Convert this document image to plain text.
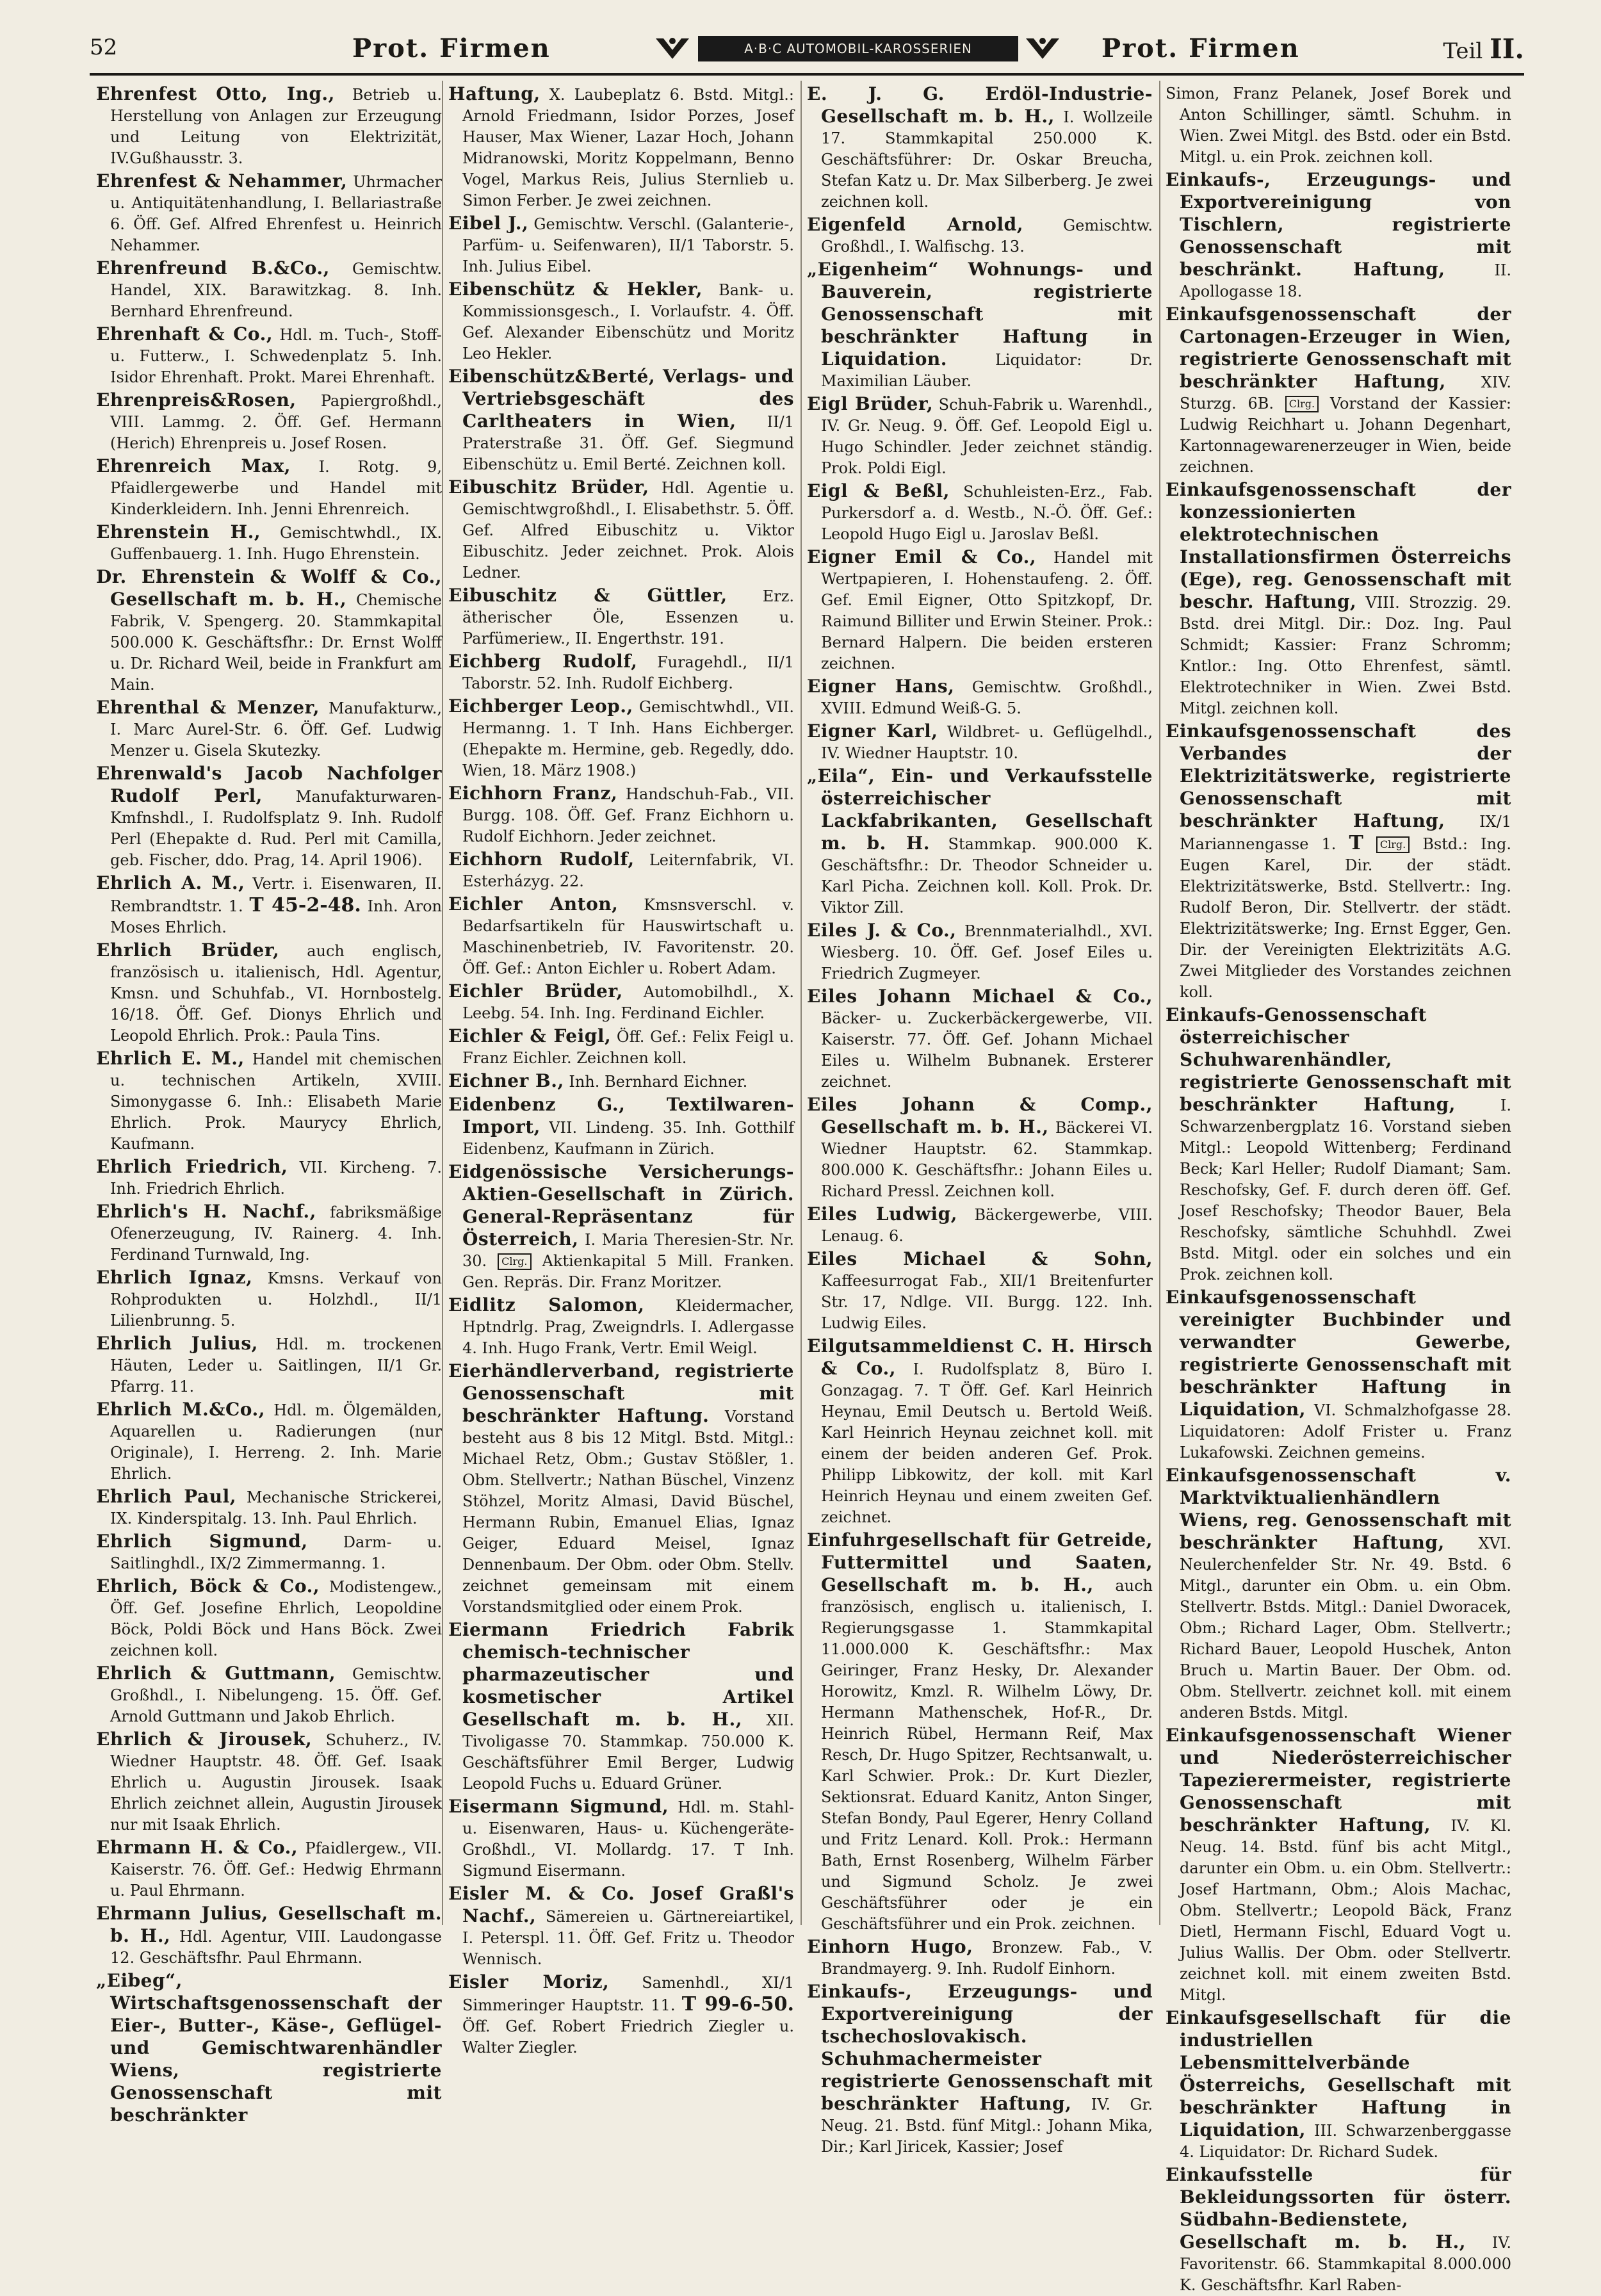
52	Prot. Firmen	A·B·C AUTOMOBIL-KAROSSERIEN	Prot. Firmen	Teil II.

Ehrenfest Otto, Ing., Betrieb u. Herstellung von Anlagen zur Erzeugung und Leitung von Elektrizität, IV.Gußhausstr. 3.

Ehrenfest & Nehammer, Uhrmacher u. Antiquitätenhandlung, I. Bellariastraße 6. Öff. Gef. Alfred Ehrenfest u. Heinrich Nehammer.

Ehrenfreund B.&Co., Gemischtw. Handel, XIX. Barawitzkag. 8. Inh. Bernhard Ehrenfreund.

Ehrenhaft & Co., Hdl. m. Tuch-, Stoff- u. Futterw., I. Schwedenplatz 5. Inh. Isidor Ehrenhaft. Prokt. Marei Ehrenhaft.

Ehrenpreis&Rosen, Papiergroßhdl., VIII. Lammg. 2. Öff. Gef. Hermann (Herich) Ehrenpreis u. Josef Rosen.

Ehrenreich Max, I. Rotg. 9, Pfaidlergewerbe und Handel mit Kinderkleidern. Inh. Jenni Ehrenreich.

Ehrenstein H., Gemischtwhdl., IX. Guffenbauerg. 1. Inh. Hugo Ehrenstein.

Dr. Ehrenstein & Wolff & Co., Gesellschaft m. b. H., Chemische Fabrik, V. Spengerg. 20. Stammkapital 500.000 K. Geschäftsfhr.: Dr. Ernst Wolff u. Dr. Richard Weil, beide in Frankfurt am Main.

Ehrenthal & Menzer, Manufakturw., I. Marc Aurel-Str. 6. Öff. Gef. Ludwig Menzer u. Gisela Skutezky.

Ehrenwald's Jacob Nachfolger Rudolf Perl, Manufakturwaren-Kmfnshdl., I. Rudolfsplatz 9. Inh. Rudolf Perl (Ehepakte d. Rud. Perl mit Camilla, geb. Fischer, ddo. Prag, 14. April 1906).

Ehrlich A. M., Vertr. i. Eisenwaren, II. Rembrandtstr. 1. T 45-2-48. Inh. Aron Moses Ehrlich.

Ehrlich Brüder, auch englisch, französisch u. italienisch, Hdl. Agentur, Kmsn. und Schuhfab., VI. Hornbostelg. 16/18. Öff. Gef. Dionys Ehrlich und Leopold Ehrlich. Prok.: Paula Tins.

Ehrlich E. M., Handel mit chemischen u. technischen Artikeln, XVIII. Simonygasse 6. Inh.: Elisabeth Marie Ehrlich. Prok. Maurycy Ehrlich, Kaufmann.

Ehrlich Friedrich, VII. Kircheng. 7. Inh. Friedrich Ehrlich.

Ehrlich's H. Nachf., fabriksmäßige Ofenerzeugung, IV. Rainerg. 4. Inh. Ferdinand Turnwald, Ing.

Ehrlich Ignaz, Kmsns. Verkauf von Rohprodukten u. Holzhdl., II/1 Lilienbrunng. 5.

Ehrlich Julius, Hdl. m. trockenen Häuten, Leder u. Saitlingen, II/1 Gr. Pfarrg. 11.

Ehrlich M.&Co., Hdl. m. Ölgemälden, Aquarellen u. Radierungen (nur Originale), I. Herreng. 2. Inh. Marie Ehrlich.

Ehrlich Paul, Mechanische Strickerei, IX. Kinderspitalg. 13. Inh. Paul Ehrlich.

Ehrlich Sigmund, Darm- u. Saitlinghdl., IX/2 Zimmermanng. 1.

Ehrlich, Böck & Co., Modistengew., Öff. Gef. Josefine Ehrlich, Leopoldine Böck, Poldi Böck und Hans Böck. Zwei zeichnen koll.

Ehrlich & Guttmann, Gemischtw. Großhdl., I. Nibelungeng. 15. Öff. Gef. Arnold Guttmann und Jakob Ehrlich.

Ehrlich & Jirousek, Schuherz., IV. Wiedner Hauptstr. 48. Öff. Gef. Isaak Ehrlich u. Augustin Jirousek. Isaak Ehrlich zeichnet allein, Augustin Jirousek nur mit Isaak Ehrlich.

Ehrmann H. & Co., Pfaidlergew., VII. Kaiserstr. 76. Öff. Gef.: Hedwig Ehrmann u. Paul Ehrmann.

Ehrmann Julius, Gesellschaft m. b. H., Hdl. Agentur, VIII. Laudongasse 12. Geschäftsfhr. Paul Ehrmann.

„Eibeg“, Wirtschaftsgenossenschaft der Eier-, Butter-, Käse-, Geflügel- und Gemischtwarenhändler Wiens, registrierte Genossenschaft mit beschränkter

Haftung, X. Laubeplatz 6. Bstd. Mitgl.: Arnold Friedmann, Isidor Porzes, Josef Hauser, Max Wiener, Lazar Hoch, Johann Midranowski, Moritz Koppelmann, Benno Vogel, Markus Reis, Julius Sternlieb u. Simon Ferber. Je zwei zeichnen.

Eibel J., Gemischtw. Verschl. (Galanterie-, Parfüm- u. Seifenwaren), II/1 Taborstr. 5. Inh. Julius Eibel.

Eibenschütz & Hekler, Bank- u. Kommissionsgesch., I. Vorlaufstr. 4. Öff. Gef. Alexander Eibenschütz und Moritz Leo Hekler.

Eibenschütz&Berté, Verlags- und Vertriebsgeschäft des Carltheaters in Wien, II/1 Praterstraße 31. Öff. Gef. Siegmund Eibenschütz u. Emil Berté. Zeichnen koll.

Eibuschitz Brüder, Hdl. Agentie u. Gemischtwgroßhdl., I. Elisabethstr. 5. Öff. Gef. Alfred Eibuschitz u. Viktor Eibuschitz. Jeder zeichnet. Prok. Alois Ledner.

Eibuschitz & Güttler, Erz. ätherischer Öle, Essenzen u. Parfümeriew., II. Engerthstr. 191.

Eichberg Rudolf, Furagehdl., II/1 Taborstr. 52. Inh. Rudolf Eichberg.

Eichberger Leop., Gemischtwhdl., VII. Hermanng. 1. T Inh. Hans Eichberger. (Ehepakte m. Hermine, geb. Regedly, ddo. Wien, 18. März 1908.)

Eichhorn Franz, Handschuh-Fab., VII. Burgg. 108. Öff. Gef. Franz Eichhorn u. Rudolf Eichhorn. Jeder zeichnet.

Eichhorn Rudolf, Leiternfabrik, VI. Esterházyg. 22.

Eichler Anton, Kmsnsverschl. v. Bedarfsartikeln für Hauswirtschaft u. Maschinenbetrieb, IV. Favoritenstr. 20. Öff. Gef.: Anton Eichler u. Robert Adam.

Eichler Brüder, Automobilhdl., X. Leebg. 54. Inh. Ing. Ferdinand Eichler.

Eichler & Feigl, Öff. Gef.: Felix Feigl u. Franz Eichler. Zeichnen koll.

Eichner B., Inh. Bernhard Eichner.

Eidenbenz G., Textilwaren-Import, VII. Lindeng. 35. Inh. Gotthilf Eidenbenz, Kaufmann in Zürich.

Eidgenössische Versicherungs-Aktien-Gesellschaft in Zürich. General-Repräsentanz für Österreich, I. Maria Theresien-Str. Nr. 30. Clrg. Aktienkapital 5 Mill. Franken. Gen. Repräs. Dir. Franz Moritzer.

Eidlitz Salomon, Kleidermacher, Hptndrlg. Prag, Zweigndrls. I. Adlergasse 4. Inh. Hugo Frank, Vertr. Emil Weigl.

Eierhändlerverband, registrierte Genossenschaft mit beschränkter Haftung. Vorstand besteht aus 8 bis 12 Mitgl. Bstd. Mitgl.: Michael Retz, Obm.; Gustav Stößler, 1. Obm. Stellvertr.; Nathan Büschel, Vinzenz Stöhzel, Moritz Almasi, David Büschel, Hermann Rubin, Emanuel Elias, Ignaz Geiger, Eduard Meisel, Ignaz Dennenbaum. Der Obm. oder Obm. Stellv. zeichnet gemeinsam mit einem Vorstandsmitglied oder einem Prok.

Eiermann Friedrich Fabrik chemisch-technischer pharmazeutischer und kosmetischer Artikel Gesellschaft m. b. H., XII. Tivoligasse 70. Stammkap. 750.000 K. Geschäftsführer Emil Berger, Ludwig Leopold Fuchs u. Eduard Grüner.

Eisermann Sigmund, Hdl. m. Stahl- u. Eisenwaren, Haus- u. Küchengeräte-Großhdl., VI. Mollardg. 17. T Inh. Sigmund Eisermann.

Eisler M. & Co. Josef Graßl's Nachf., Sämereien u. Gärtnereiartikel, I. Peterspl. 11. Öff. Gef. Fritz u. Theodor Wennisch.

Eisler Moriz, Samenhdl., XI/1 Simmeringer Hauptstr. 11. T 99-6-50. Öff. Gef. Robert Friedrich Ziegler u. Walter Ziegler.

E. J. G. Erdöl-Industrie-Gesellschaft m. b. H., I. Wollzeile 17. Stammkapital 250.000 K. Geschäftsführer: Dr. Oskar Breucha, Stefan Katz u. Dr. Max Silberberg. Je zwei zeichnen koll.

Eigenfeld Arnold,	Gemischtw. Großhdl., I. Walfischg. 13.

„Eigenheim“ Wohnungs- und Bauverein, registrierte Genossenschaft mit beschränkter Haftung in Liquidation.	Liquidator: Dr. Maximilian Läuber.

Eigl Brüder, Schuh-Fabrik u. Warenhdl., IV. Gr. Neug. 9. Öff. Gef. Leopold Eigl u. Hugo Schindler. Jeder zeichnet ständig. Prok. Poldi Eigl.

Eigl & Beßl, Schuhleisten-Erz., Fab. Purkersdorf a. d. Westb., N.-Ö. Öff. Gef.: Leopold Hugo Eigl u. Jaroslav Beßl.

Eigner Emil & Co., Handel mit Wertpapieren, I. Hohenstaufeng. 2. Öff. Gef. Emil Eigner, Otto Spitzkopf, Dr. Raimund Billiter und Erwin Steiner. Prok.: Bernard Halpern. Die beiden ersteren zeichnen.

Eigner Hans, Gemischtw. Großhdl., XVIII. Edmund Weiß-G. 5.

Eigner Karl, Wildbret- u. Geflügelhdl., IV. Wiedner Hauptstr. 10.

„Eila“, Ein- und Verkaufsstelle österreichischer Lackfabrikanten, Gesellschaft m. b. H. Stammkap. 900.000 K. Geschäftsfhr.: Dr. Theodor Schneider u. Karl Picha. Zeichnen koll. Koll. Prok. Dr. Viktor Zill.

Eiles J. & Co., Brennmaterialhdl., XVI. Wiesberg. 10. Öff. Gef. Josef Eiles u. Friedrich Zugmeyer.

Eiles Johann Michael & Co., Bäcker- u. Zuckerbäckergewerbe, VII. Kaiserstr. 77. Öff. Gef. Johann Michael Eiles u. Wilhelm Bubnanek. Ersterer zeichnet.

Eiles Johann & Comp., Gesellschaft m. b. H., Bäckerei VI. Wiedner Hauptstr. 62. Stammkap. 800.000 K. Geschäftsfhr.: Johann Eiles u. Richard Pressl. Zeichnen koll.

Eiles Ludwig, Bäckergewerbe, VIII. Lenaug. 6.

Eiles Michael & Sohn, Kaffeesurrogat Fab., XII/1 Breitenfurter Str. 17, Ndlge. VII. Burgg. 122. Inh. Ludwig Eiles.

Eilgutsammeldienst C. H. Hirsch & Co., I. Rudolfsplatz 8, Büro I. Gonzagag. 7. T Öff. Gef. Karl Heinrich Heynau, Emil Deutsch u. Bertold Weiß. Karl Heinrich Heynau zeichnet koll. mit einem der beiden anderen Gef. Prok. Philipp Libkowitz, der koll. mit Karl Heinrich Heynau und einem zweiten Gef. zeichnet.

Einfuhrgesellschaft für Getreide, Futtermittel und Saaten, Gesellschaft m. b. H., auch französisch, englisch u. italienisch, I. Regierungsgasse 1. Stammkapital 11.000.000 K. Geschäftsfhr.: Max Geiringer, Franz Hesky, Dr. Alexander Horowitz, Kmzl. R. Wilhelm Löwy, Dr. Hermann Mathenschek, Hof-R., Dr. Heinrich Rübel, Hermann Reif, Max Resch, Dr. Hugo Spitzer, Rechtsanwalt, u. Karl Schwier. Prok.: Dr. Kurt Diezler, Sektionsrat. Eduard Kanitz, Anton Singer, Stefan Bondy, Paul Egerer, Henry Colland und Fritz Lenard. Koll. Prok.: Hermann Bath, Ernst Rosenberg, Wilhelm Färber und Sigmund Scholz. Je zwei Geschäftsführer oder je ein Geschäftsführer und ein Prok. zeichnen.

Einhorn Hugo, Bronzew. Fab., V. Brandmayerg. 9. Inh. Rudolf Einhorn.

Einkaufs-, Erzeugungs- und Exportvereinigung der tschechoslovakisch. Schuhmachermeister registrierte Genossenschaft mit beschränkter Haftung, IV. Gr. Neug. 21. Bstd. fünf Mitgl.: Johann Mika, Dir.; Karl Jiricek, Kassier; Josef

Simon, Franz Pelanek, Josef Borek und Anton Schillinger, sämtl. Schuhm. in Wien. Zwei Mitgl. des Bstd. oder ein Bstd. Mitgl. u. ein Prok. zeichnen koll.

Einkaufs-, Erzeugungs- und Exportvereinigung von Tischlern, registrierte Genossenschaft mit beschränkt. Haftung,	II. Apollogasse 18.

Einkaufsgenossenschaft der Cartonagen-Erzeuger in Wien, registrierte Genossenschaft mit beschränkter Haftung, XIV. Sturzg. 6B. Clrg. Vorstand der Kassier: Ludwig Reichhart u. Johann Degenhart, Kartonnagewarenerzeuger in Wien, beide zeichnen.

Einkaufsgenossenschaft der konzessionierten elektrotechnischen Installationsfirmen Österreichs (Ege), reg. Genossenschaft mit beschr. Haftung, VIII. Strozzig. 29. Bstd. drei Mitgl. Dir.: Doz. Ing. Paul Schmidt; Kassier: Franz Schromm; Kntlor.: Ing. Otto Ehrenfest, sämtl. Elektrotechniker in Wien. Zwei Bstd. Mitgl. zeichnen koll.

Einkaufsgenossenschaft des Verbandes der Elektrizitätswerke, registrierte Genossenschaft mit beschränkter Haftung, IX/1 Mariannengasse 1. T Clrg. Bstd.: Ing. Eugen Karel, Dir. der städt. Elektrizitätswerke, Bstd. Stellvertr.: Ing. Rudolf Beron, Dir. Stellvertr. der städt. Elektrizitätswerke; Ing. Ernst Egger, Gen. Dir. der Vereinigten Elektrizitäts A.G. Zwei Mitglieder des Vorstandes zeichnen koll.

Einkaufs-Genossenschaft österreichischer Schuhwarenhändler, registrierte Genossenschaft mit beschränkter Haftung,	I. Schwarzenbergplatz 16. Vorstand sieben Mitgl.: Leopold Wittenberg; Ferdinand Beck; Karl Heller; Rudolf Diamant; Sam. Reschofsky, Gef. F. durch deren öff. Gef. Josef Reschofsky; Theodor Bauer, Bela Reschofsky, sämtliche Schuhhdl. Zwei Bstd. Mitgl. oder ein solches und ein Prok. zeichnen koll.

Einkaufsgenossenschaft vereinigter Buchbinder und verwandter Gewerbe, registrierte Genossenschaft mit beschränkter Haftung in Liquidation, VI. Schmalzhofgasse 28. Liquidatoren: Adolf Frister u. Franz Lukafowski. Zeichnen gemeins.

Einkaufsgenossenschaft v. Marktviktualienhändlern Wiens, reg. Genossenschaft mit beschränkter Haftung, XVI. Neulerchenfelder Str. Nr. 49. Bstd. 6 Mitgl., darunter ein Obm. u. ein Obm. Stellvertr. Bstds. Mitgl.: Daniel Dworacek, Obm.; Richard Lager, Obm. Stellvertr.; Richard Bauer, Leopold Huschek, Anton Bruch u. Martin Bauer. Der Obm. od. Obm. Stellvertr. zeichnet koll. mit einem anderen Bstds. Mitgl.

Einkaufsgenossenschaft Wiener und Niederösterreichischer Tapezierermeister, registrierte Genossenschaft mit beschränkter Haftung, IV. Kl. Neug. 14. Bstd. fünf bis acht Mitgl., darunter ein Obm. u. ein Obm. Stellvertr.: Josef Hartmann, Obm.; Alois Machac, Obm. Stellvertr.; Leopold Bäck, Franz Dietl, Hermann Fischl, Eduard Vogt u. Julius Wallis. Der Obm. oder Stellvertr. zeichnet koll. mit einem zweiten Bstd. Mitgl.

Einkaufsgesellschaft für die industriellen Lebensmittelverbände Österreichs, Gesellschaft mit beschränkter Haftung in Liquidation, III. Schwarzenberggasse 4. Liquidator: Dr. Richard Sudek.

Einkaufsstelle für Bekleidungssorten für österr. Südbahn-Bedienstete, Gesellschaft m. b. H., IV. Favoritenstr. 66. Stammkapital 8.000.000 K. Geschäftsfhr. Karl Raben-
